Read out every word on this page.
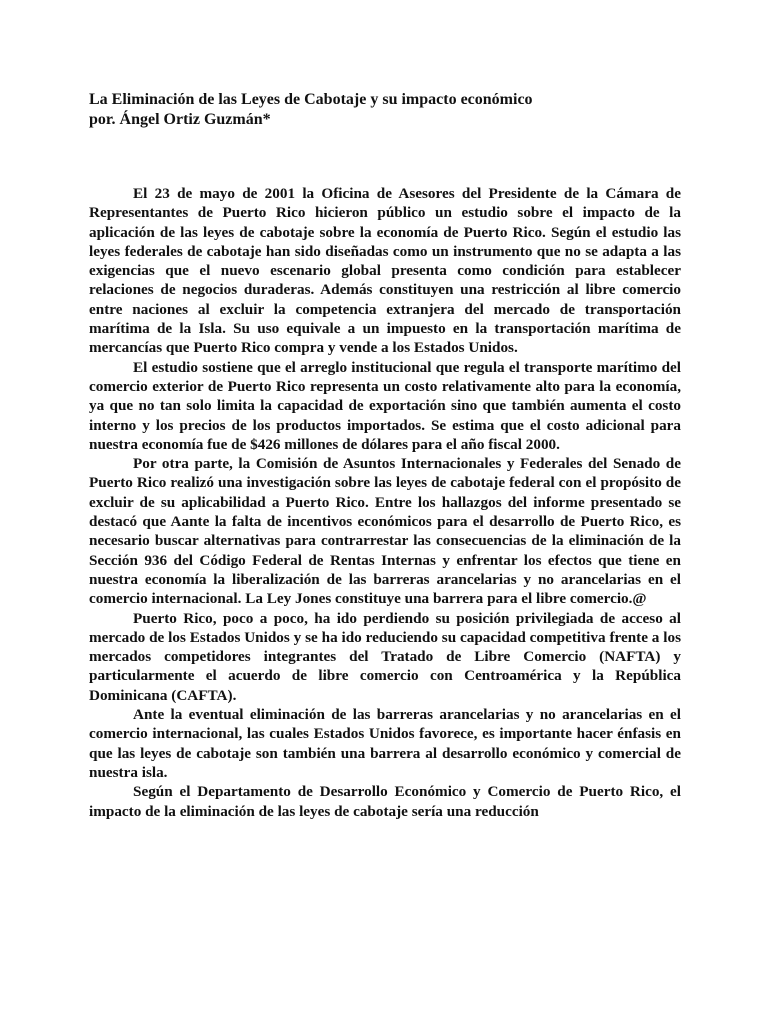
La Eliminación de las Leyes de Cabotaje y su impacto económico

por. Ángel Ortiz Guzmán*

El 23 de mayo de 2001 la Oficina de Asesores del Presidente de la Cámara de Representantes de Puerto Rico hicieron público un estudio sobre el impacto de la aplicación de las leyes de cabotaje sobre la economía de Puerto Rico. Según el estudio las leyes federales de cabotaje han sido diseñadas como un instrumento que no se adapta a las exigencias que el nuevo escenario global presenta como condición para establecer relaciones de negocios duraderas. Además constituyen una restricción al libre comercio entre naciones al excluir la competencia extranjera del mercado de transportación marítima de la Isla. Su uso equivale a un impuesto en la transportación marítima de mercancías que Puerto Rico compra y vende a los Estados Unidos.

El estudio sostiene que el arreglo institucional que regula el transporte marítimo del comercio exterior de Puerto Rico representa un costo relativamente alto para la economía, ya que no tan solo limita la capacidad de exportación sino que también aumenta el costo interno y los precios de los productos importados. Se estima que el costo adicional para nuestra economía fue de $426 millones de dólares para el año fiscal 2000.

Por otra parte, la Comisión de Asuntos Internacionales y Federales del Senado de Puerto Rico realizó una investigación sobre las leyes de cabotaje federal con el propósito de excluir de su aplicabilidad a Puerto Rico. Entre los hallazgos del informe presentado se destacó que Aante la falta de incentivos económicos para el desarrollo de Puerto Rico, es necesario buscar alternativas para contrarrestar las consecuencias de la eliminación de la Sección 936 del Código Federal de Rentas Internas y enfrentar los efectos que tiene en nuestra economía la liberalización de las barreras arancelarias y no arancelarias en el comercio internacional. La Ley Jones constituye una barrera para el libre comercio.@

Puerto Rico, poco a poco, ha ido perdiendo su posición privilegiada de acceso al mercado de los Estados Unidos y se ha ido reduciendo su capacidad competitiva frente a los mercados competidores integrantes del Tratado de Libre Comercio (NAFTA) y particularmente el acuerdo de libre comercio con Centroamérica y la República Dominicana (CAFTA).

Ante la eventual eliminación de las barreras arancelarias y no arancelarias en el comercio internacional, las cuales Estados Unidos favorece, es importante hacer énfasis en que las leyes de cabotaje son también una barrera al desarrollo económico y comercial de nuestra isla.

Según el Departamento de Desarrollo Económico y Comercio de Puerto Rico, el impacto de la eliminación de las leyes de cabotaje sería una reducción
